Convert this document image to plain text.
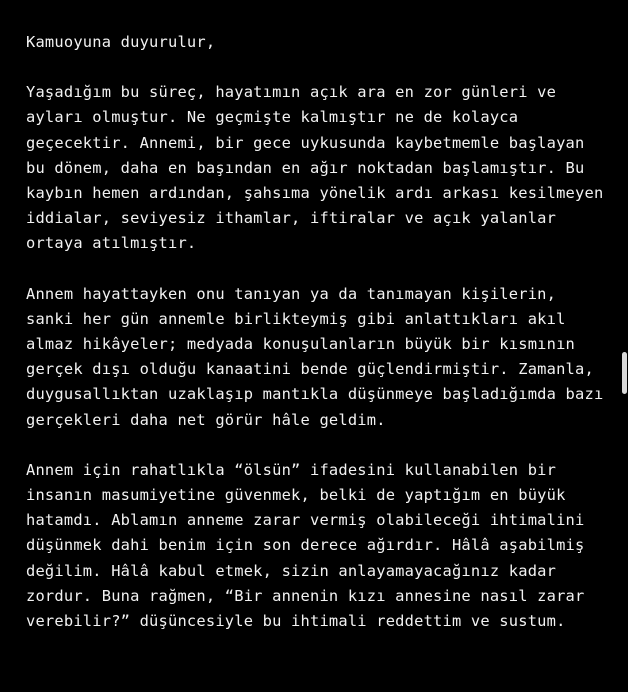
Kamuoyuna duyurulur,

Yaşadığım bu süreç, hayatımın açık ara en zor günleri ve ayları olmuştur. Ne geçmişte kalmıştır ne de kolayca geçecektir. Annemi, bir gece uykusunda kaybetmemle başlayan bu dönem, daha en başından en ağır noktadan başlamıştır. Bu kaybın hemen ardından, şahsıma yönelik ardı arkası kesilmeyen iddialar, seviyesiz ithamlar, iftiralar ve açık yalanlar ortaya atılmıştır.

Annem hayattayken onu tanıyan ya da tanımayan kişilerin, sanki her gün annemle birlikteymiş gibi anlattıkları akıl almaz hikâyeler; medyada konuşulanların büyük bir kısmının gerçek dışı olduğu kanaatini bende güçlendirmiştir. Zamanla, duygusallıktan uzaklaşıp mantıkla düşünmeye başladığımda bazı gerçekleri daha net görür hâle geldim.

Annem için rahatlıkla “ölsün” ifadesini kullanabilen bir insanın masumiyetine güvenmek, belki de yaptığım en büyük hatamdı. Ablamın anneme zarar vermiş olabileceği ihtimalini düşünmek dahi benim için son derece ağırdır. Hâlâ aşabilmiş değilim. Hâlâ kabul etmek, sizin anlayamayacağınız kadar zordur. Buna rağmen, “Bir annenin kızı annesine nasıl zarar verebilir?” düşüncesiyle bu ihtimali reddettim ve sustum.
